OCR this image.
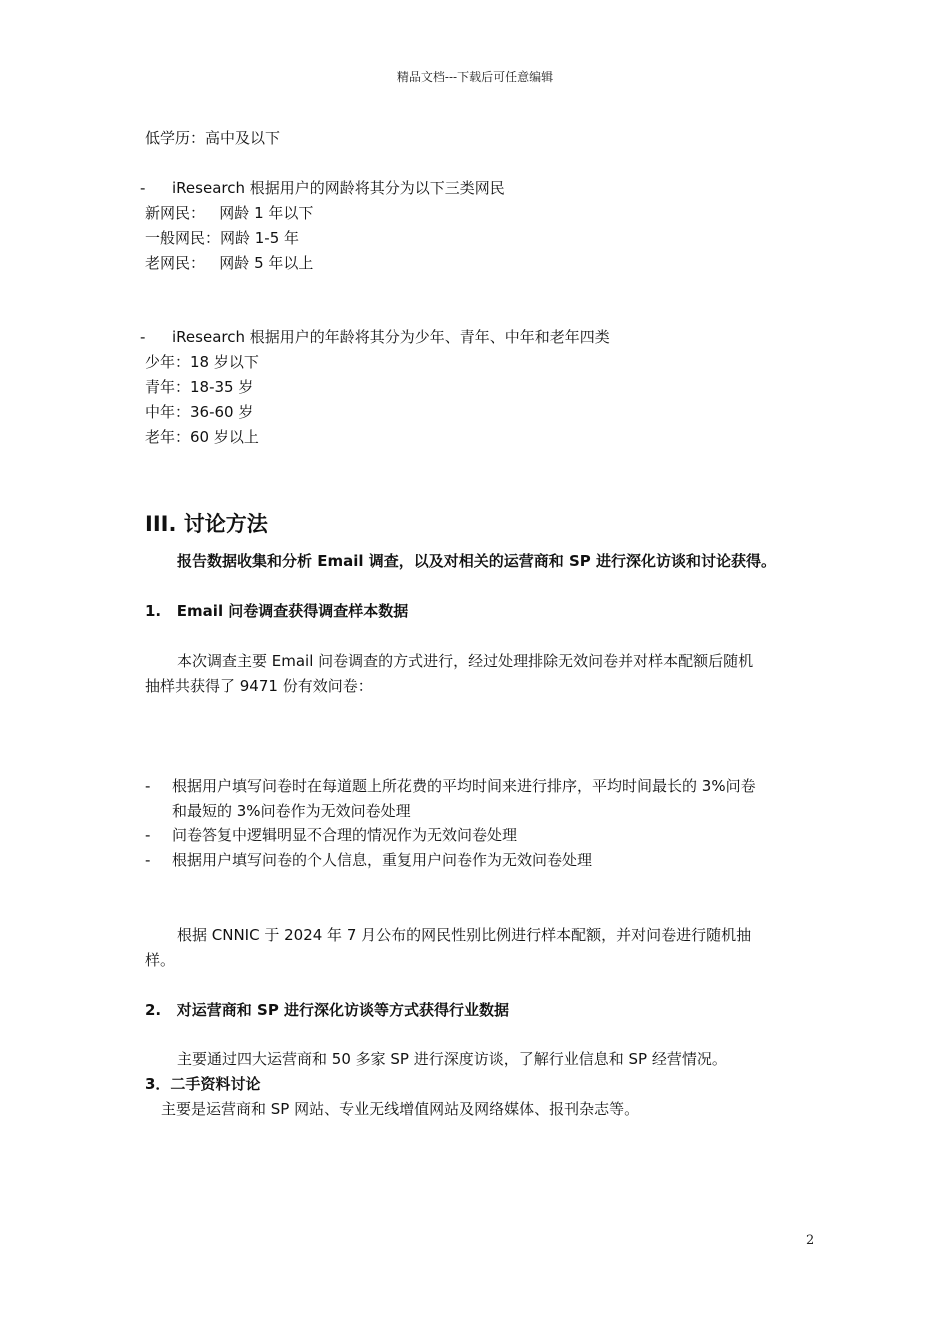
精品文档---下载后可任意编辑
低学历：高中及以下
-	iResearch 根据用户的网龄将其分为以下三类网民
新网民：   网龄 1 年以下
一般网民：网龄 1-5 年
老网民：   网龄 5 年以上
-	iResearch 根据用户的年龄将其分为少年、青年、中年和老年四类
少年：18 岁以下
青年：18-35 岁
中年：36-60 岁
老年：60 岁以上
III. 讨论方法
报告数据收集和分析 Email 调查，以及对相关的运营商和 SP 进行深化访谈和讨论获得。
1.   Email 问卷调查获得调查样本数据
本次调查主要 Email 问卷调查的方式进行，经过处理排除无效问卷并对样本配额后随机
抽样共获得了 9471 份有效问卷：
-	根据用户填写问卷时在每道题上所花费的平均时间来进行排序，平均时间最长的 3%问卷
和最短的 3%问卷作为无效问卷处理
-	问卷答复中逻辑明显不合理的情况作为无效问卷处理
-	根据用户填写问卷的个人信息，重复用户问卷作为无效问卷处理
根据 CNNIC 于 2024 年 7 月公布的网民性别比例进行样本配额，并对问卷进行随机抽
样。
2.   对运营商和 SP 进行深化访谈等方式获得行业数据
主要通过四大运营商和 50 多家 SP 进行深度访谈，了解行业信息和 SP 经营情况。
3．二手资料讨论
主要是运营商和 SP 网站、专业无线增值网站及网络媒体、报刊杂志等。
2
